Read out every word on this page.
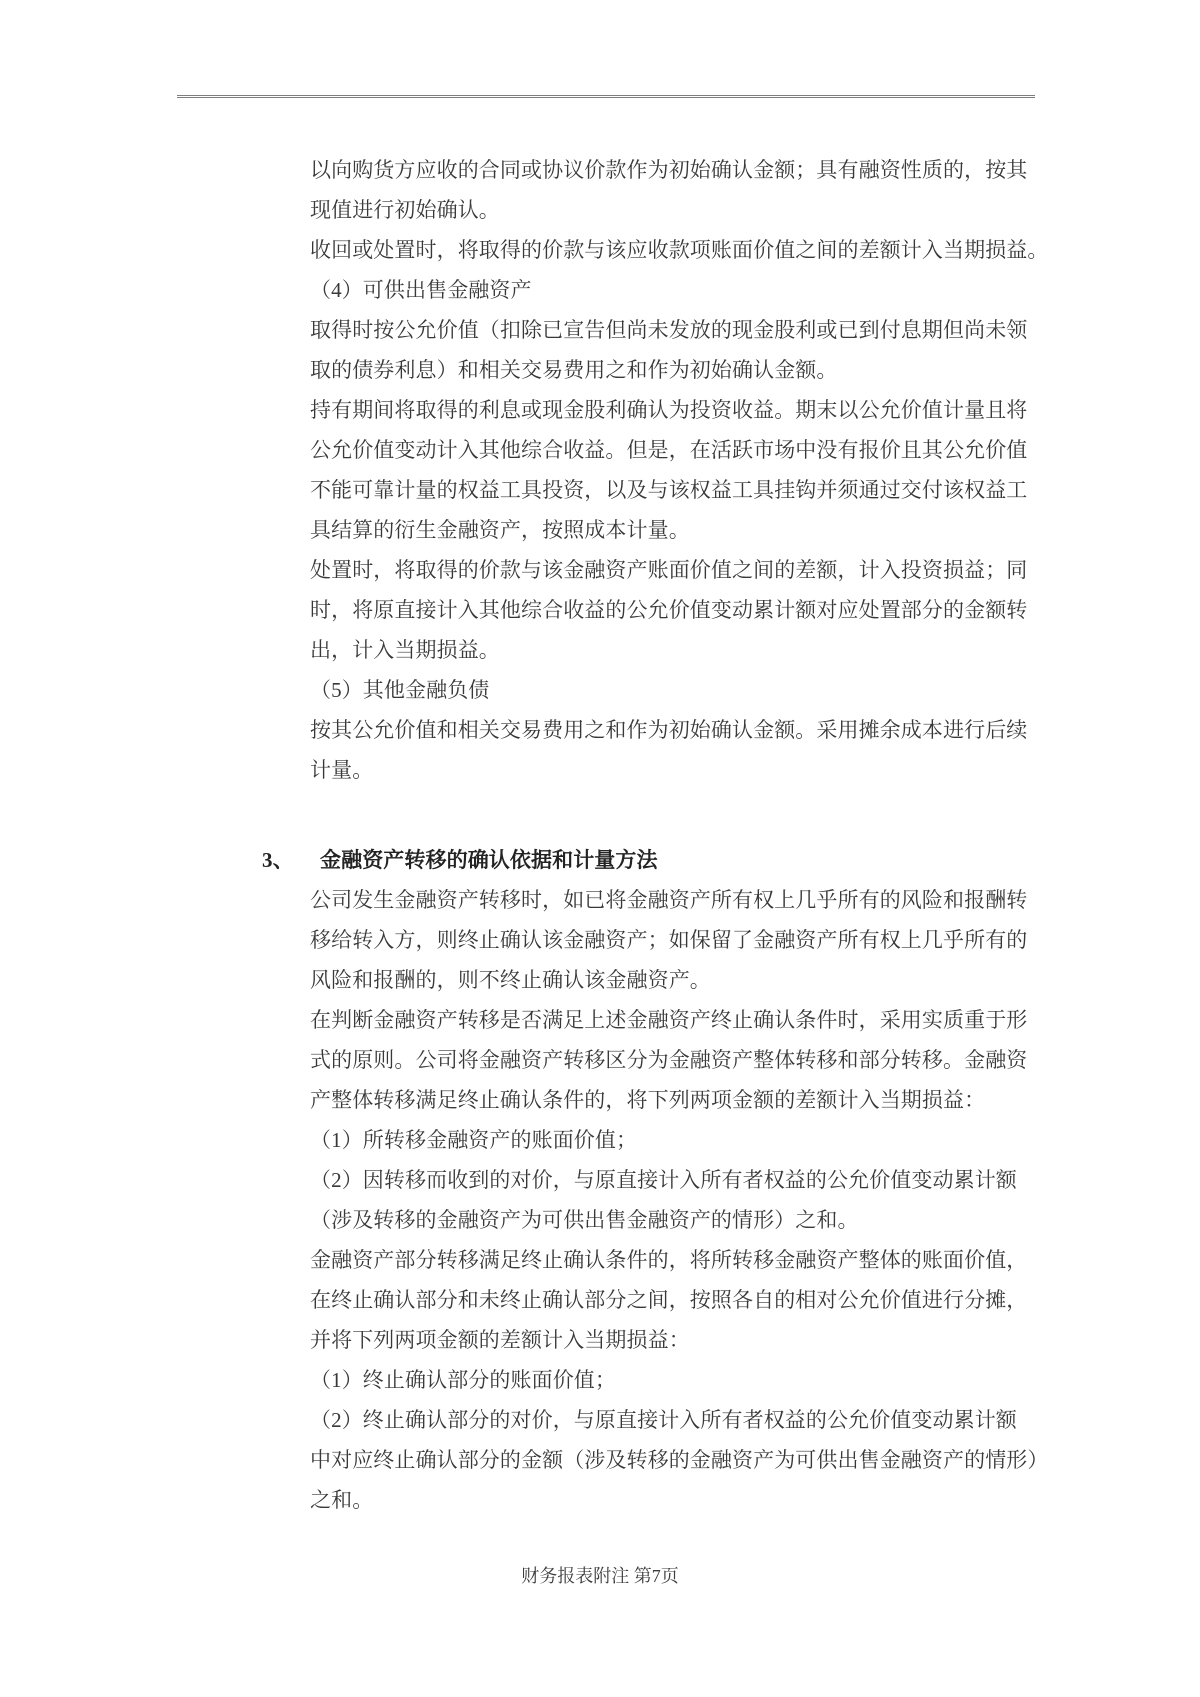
以向购货方应收的合同或协议价款作为初始确认金额；具有融资性质的，按其
现值进行初始确认。
收回或处置时，将取得的价款与该应收款项账面价值之间的差额计入当期损益。
（4）可供出售金融资产
取得时按公允价值（扣除已宣告但尚未发放的现金股利或已到付息期但尚未领
取的债券利息）和相关交易费用之和作为初始确认金额。
持有期间将取得的利息或现金股利确认为投资收益。期末以公允价值计量且将
公允价值变动计入其他综合收益。但是，在活跃市场中没有报价且其公允价值
不能可靠计量的权益工具投资，以及与该权益工具挂钩并须通过交付该权益工
具结算的衍生金融资产，按照成本计量。
处置时，将取得的价款与该金融资产账面价值之间的差额，计入投资损益；同
时，将原直接计入其他综合收益的公允价值变动累计额对应处置部分的金额转
出，计入当期损益。
（5）其他金融负债
按其公允价值和相关交易费用之和作为初始确认金额。采用摊余成本进行后续
计量。
3、 金融资产转移的确认依据和计量方法
公司发生金融资产转移时，如已将金融资产所有权上几乎所有的风险和报酬转
移给转入方，则终止确认该金融资产；如保留了金融资产所有权上几乎所有的
风险和报酬的，则不终止确认该金融资产。
在判断金融资产转移是否满足上述金融资产终止确认条件时，采用实质重于形
式的原则。公司将金融资产转移区分为金融资产整体转移和部分转移。金融资
产整体转移满足终止确认条件的，将下列两项金额的差额计入当期损益：
（1）所转移金融资产的账面价值；
（2）因转移而收到的对价，与原直接计入所有者权益的公允价值变动累计额
（涉及转移的金融资产为可供出售金融资产的情形）之和。
金融资产部分转移满足终止确认条件的，将所转移金融资产整体的账面价值，
在终止确认部分和未终止确认部分之间，按照各自的相对公允价值进行分摊，
并将下列两项金额的差额计入当期损益：
（1）终止确认部分的账面价值；
（2）终止确认部分的对价，与原直接计入所有者权益的公允价值变动累计额
中对应终止确认部分的金额（涉及转移的金融资产为可供出售金融资产的情形）
之和。
财务报表附注 第7页
